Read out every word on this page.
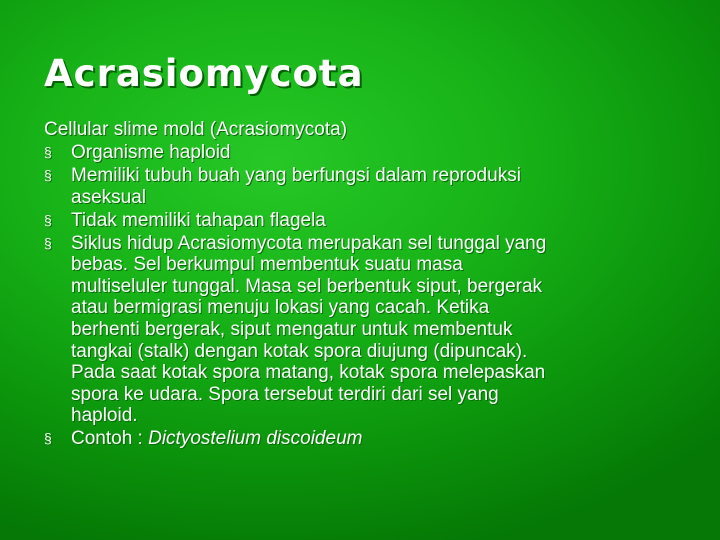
Acrasiomycota
Cellular slime mold (Acrasiomycota)
§ Organisme haploid
§ Memiliki tubuh buah yang berfungsi dalam reproduksi
aseksual
§ Tidak memiliki tahapan flagela
§ Siklus hidup Acrasiomycota merupakan sel tunggal yang
bebas. Sel berkumpul membentuk suatu masa
multiseluler tunggal. Masa sel berbentuk siput, bergerak
atau bermigrasi menuju lokasi yang cacah. Ketika
berhenti bergerak, siput mengatur untuk membentuk
tangkai (stalk) dengan kotak spora diujung (dipuncak).
Pada saat kotak spora matang, kotak spora melepaskan
spora ke udara. Spora tersebut terdiri dari sel yang
haploid.
§ Contoh : Dictyostelium discoideum
